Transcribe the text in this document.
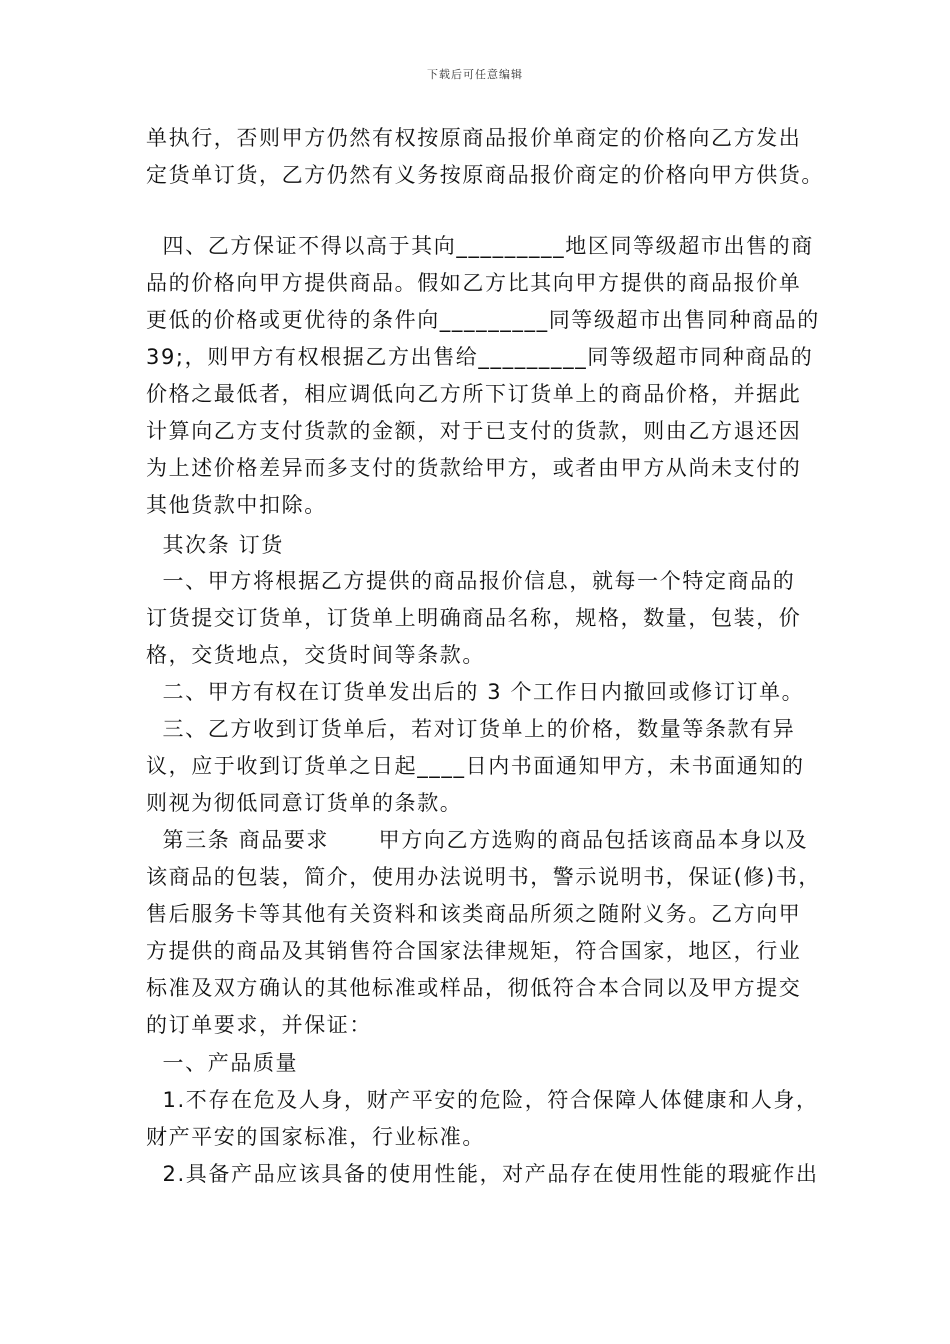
下载后可任意编辑
单执行，否则甲方仍然有权按原商品报价单商定的价格向乙方发出
定货单订货，乙方仍然有义务按原商品报价商定的价格向甲方供货。
四、乙方保证不得以高于其向_________地区同等级超市出售的商
品的价格向甲方提供商品。假如乙方比其向甲方提供的商品报价单
更低的价格或更优待的条件向_________同等级超市出售同种商品的
39;，则甲方有权根据乙方出售给_________同等级超市同种商品的
价格之最低者，相应调低向乙方所下订货单上的商品价格，并据此
计算向乙方支付货款的金额，对于已支付的货款，则由乙方退还因
为上述价格差异而多支付的货款给甲方，或者由甲方从尚未支付的
其他货款中扣除。
其次条 订货
一、甲方将根据乙方提供的商品报价信息，就每一个特定商品的
订货提交订货单，订货单上明确商品名称，规格，数量，包装，价
格，交货地点，交货时间等条款。
二、甲方有权在订货单发出后的 3 个工作日内撤回或修订订单。
三、乙方收到订货单后，若对订货单上的价格，数量等条款有异
议，应于收到订货单之日起____日内书面通知甲方，未书面通知的
则视为彻低同意订货单的条款。
第三条 商品要求      甲方向乙方选购的商品包括该商品本身以及
该商品的包装，简介，使用办法说明书，警示说明书，保证(修)书，
售后服务卡等其他有关资料和该类商品所须之随附义务。乙方向甲
方提供的商品及其销售符合国家法律规矩，符合国家，地区，行业
标准及双方确认的其他标准或样品，彻低符合本合同以及甲方提交
的订单要求，并保证：
一、产品质量
1.不存在危及人身，财产平安的危险，符合保障人体健康和人身，
财产平安的国家标准，行业标准。
2.具备产品应该具备的使用性能，对产品存在使用性能的瑕疵作出
